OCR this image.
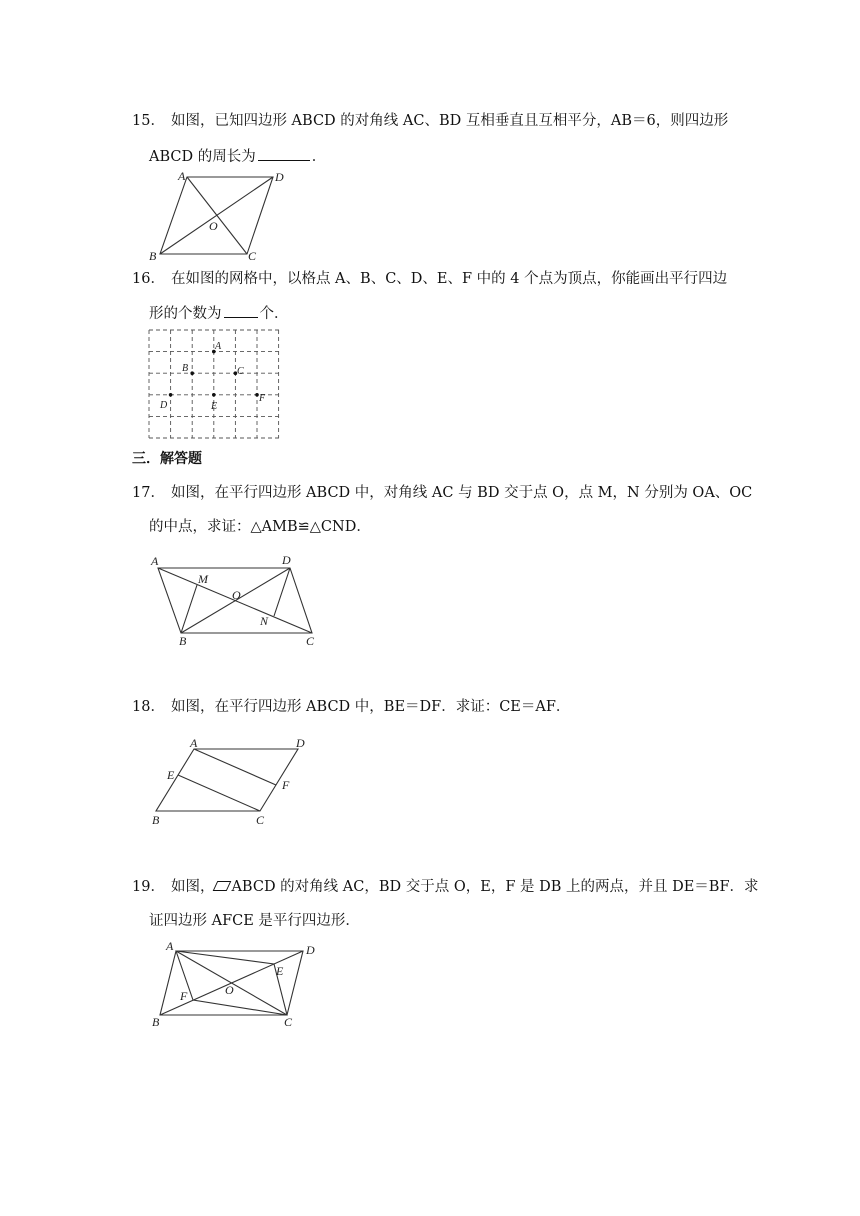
15． 如图，已知四边形 ABCD 的对角线 AC、BD 互相垂直且互相平分，AB＝6，则四边形
ABCD 的周长为	．
A	D
O
B	C
16． 在如图的网格中，以格点 A、B、C、D、E、F 中的 4 个点为顶点，你能画出平行四边
形的个数为	个．
A
B	C
D	E
F
三．解答题
17． 如图，在平行四边形 ABCD 中，对角线 AC 与 BD 交于点 O，点 M，N 分别为 OA、OC
的中点，求证：△AMB≌△CND．
A	D
M
O
N
B	C
18． 如图，在平行四边形 ABCD 中，BE＝DF．求证：CE＝AF．
A	D
E
F
B	C
19． 如图， ABCD 的对角线 AC，BD 交于点 O，E，F 是 DB 上的两点，并且 DE＝BF．求
证四边形 AFCE 是平行四边形．
A	D
E
O
F
B	C
